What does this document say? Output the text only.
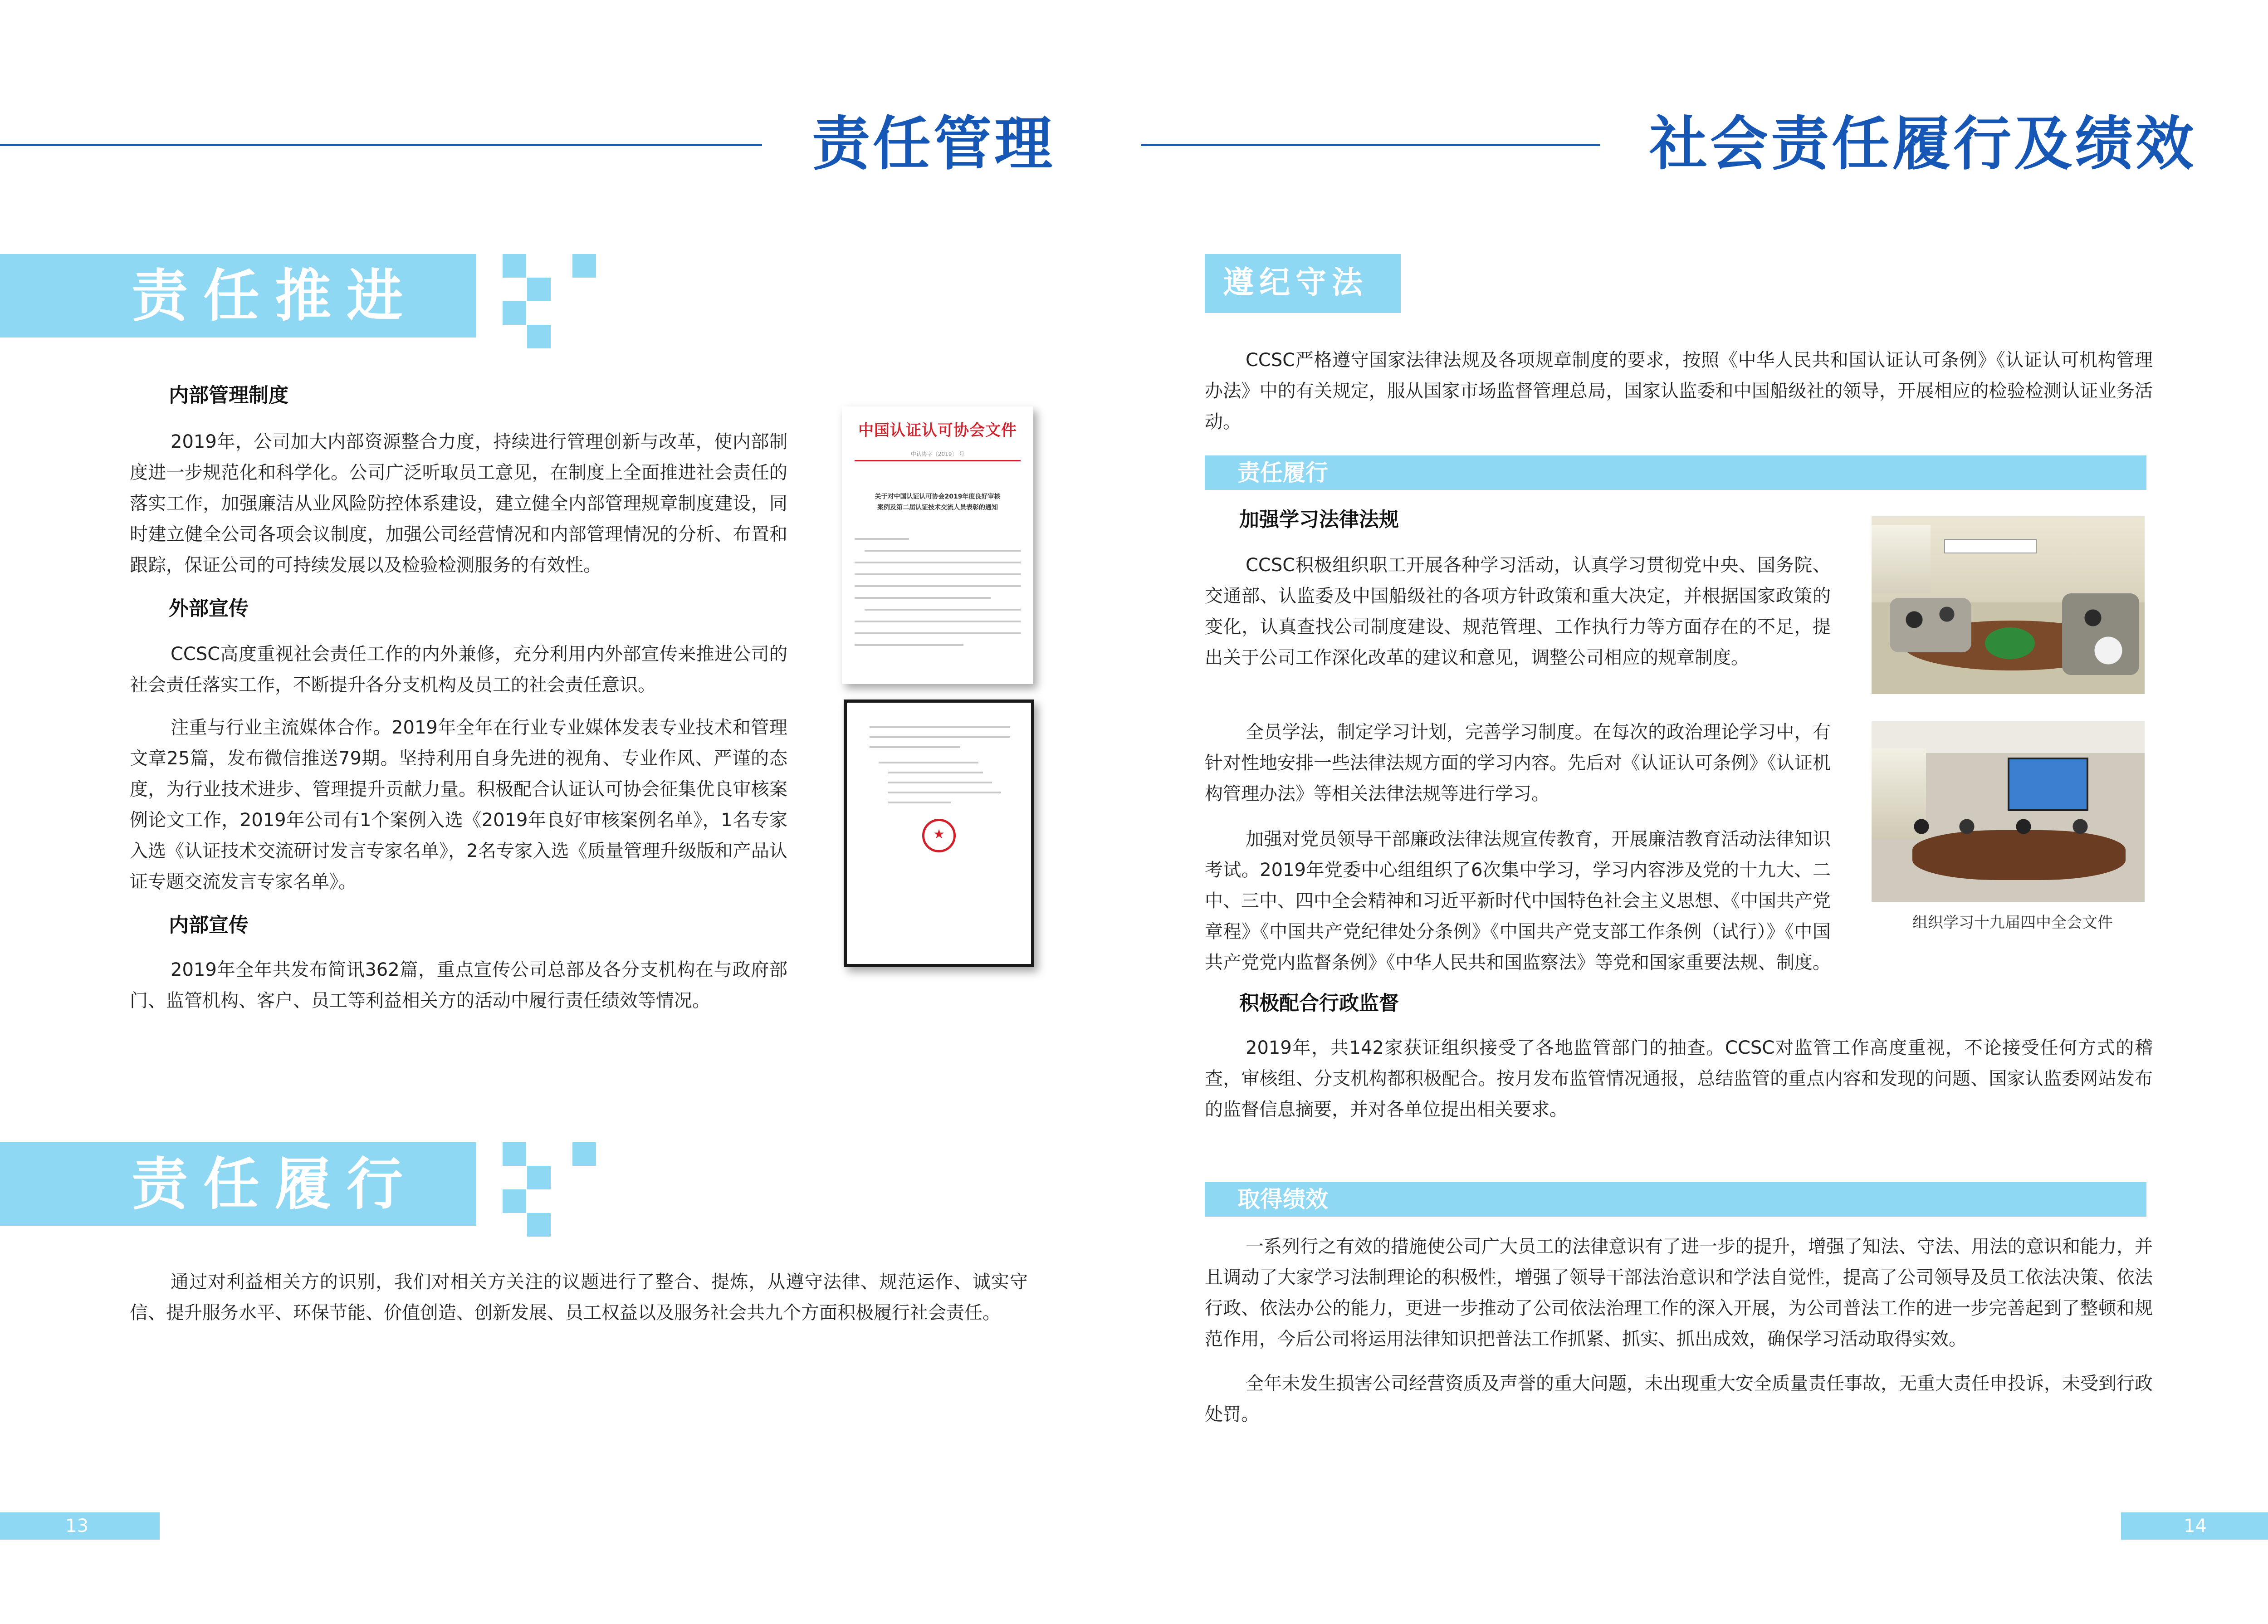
责任管理
责任推进
内部管理制度
2019年，公司加大内部资源整合力度，持续进行管理创新与改革，使内部制度进一步规范化和科学化。公司广泛听取员工意见，在制度上全面推进社会责任的落实工作，加强廉洁从业风险防控体系建设，建立健全内部管理规章制度建设，同时建立健全公司各项会议制度，加强公司经营情况和内部管理情况的分析、布置和跟踪，保证公司的可持续发展以及检验检测服务的有效性。
外部宣传
CCSC高度重视社会责任工作的内外兼修，充分利用内外部宣传来推进公司的社会责任落实工作，不断提升各分支机构及员工的社会责任意识。
注重与行业主流媒体合作。2019年全年在行业专业媒体发表专业技术和管理文章25篇，发布微信推送79期。坚持利用自身先进的视角、专业作风、严谨的态度，为行业技术进步、管理提升贡献力量。积极配合认证认可协会征集优良审核案例论文工作，2019年公司有1个案例入选《2019年良好审核案例名单》，1名专家入选《认证技术交流研讨发言专家名单》，2名专家入选《质量管理升级版和产品认证专题交流发言专家名单》。
内部宣传
2019年全年共发布简讯362篇，重点宣传公司总部及各分支机构在与政府部门、监管机构、客户、员工等利益相关方的活动中履行责任绩效等情况。
中国认证认可协会文件
中认协字〔2019〕 号
关于对中国认证认可协会2019年度良好审核
案例及第二届认证技术交流人员表彰的通知
★
责任履行
通过对利益相关方的识别，我们对相关方关注的议题进行了整合、提炼，从遵守法律、规范运作、诚实守信、提升服务水平、环保节能、价值创造、创新发展、员工权益以及服务社会共九个方面积极履行社会责任。
13
社会责任履行及绩效
遵纪守法
CCSC严格遵守国家法律法规及各项规章制度的要求，按照《中华人民共和国认证认可条例》《认证认可机构管理办法》中的有关规定，服从国家市场监督管理总局，国家认监委和中国船级社的领导，开展相应的检验检测认证业务活动。
责任履行
加强学习法律法规
CCSC积极组织职工开展各种学习活动，认真学习贯彻党中央、国务院、交通部、认监委及中国船级社的各项方针政策和重大决定，并根据国家政策的变化，认真查找公司制度建设、规范管理、工作执行力等方面存在的不足，提出关于公司工作深化改革的建议和意见，调整公司相应的规章制度。
全员学法，制定学习计划，完善学习制度。在每次的政治理论学习中，有针对性地安排一些法律法规方面的学习内容。先后对《认证认可条例》《认证机构管理办法》等相关法律法规等进行学习。
加强对党员领导干部廉政法律法规宣传教育，开展廉洁教育活动法律知识考试。2019年党委中心组组织了6次集中学习，学习内容涉及党的十九大、二中、三中、四中全会精神和习近平新时代中国特色社会主义思想、《中国共产党章程》《中国共产党纪律处分条例》《中国共产党支部工作条例（试行）》《中国共产党党内监督条例》《中华人民共和国监察法》等党和国家重要法规、制度。
组织学习十九届四中全会文件
积极配合行政监督
2019年，共142家获证组织接受了各地监管部门的抽查。CCSC对监管工作高度重视，不论接受任何方式的稽查，审核组、分支机构都积极配合。按月发布监管情况通报，总结监管的重点内容和发现的问题、国家认监委网站发布的监督信息摘要，并对各单位提出相关要求。
取得绩效
一系列行之有效的措施使公司广大员工的法律意识有了进一步的提升，增强了知法、守法、用法的意识和能力，并且调动了大家学习法制理论的积极性，增强了领导干部法治意识和学法自觉性，提高了公司领导及员工依法决策、依法行政、依法办公的能力，更进一步推动了公司依法治理工作的深入开展，为公司普法工作的进一步完善起到了整顿和规范作用，今后公司将运用法律知识把普法工作抓紧、抓实、抓出成效，确保学习活动取得实效。
全年未发生损害公司经营资质及声誉的重大问题，未出现重大安全质量责任事故，无重大责任申投诉，未受到行政处罚。
14
